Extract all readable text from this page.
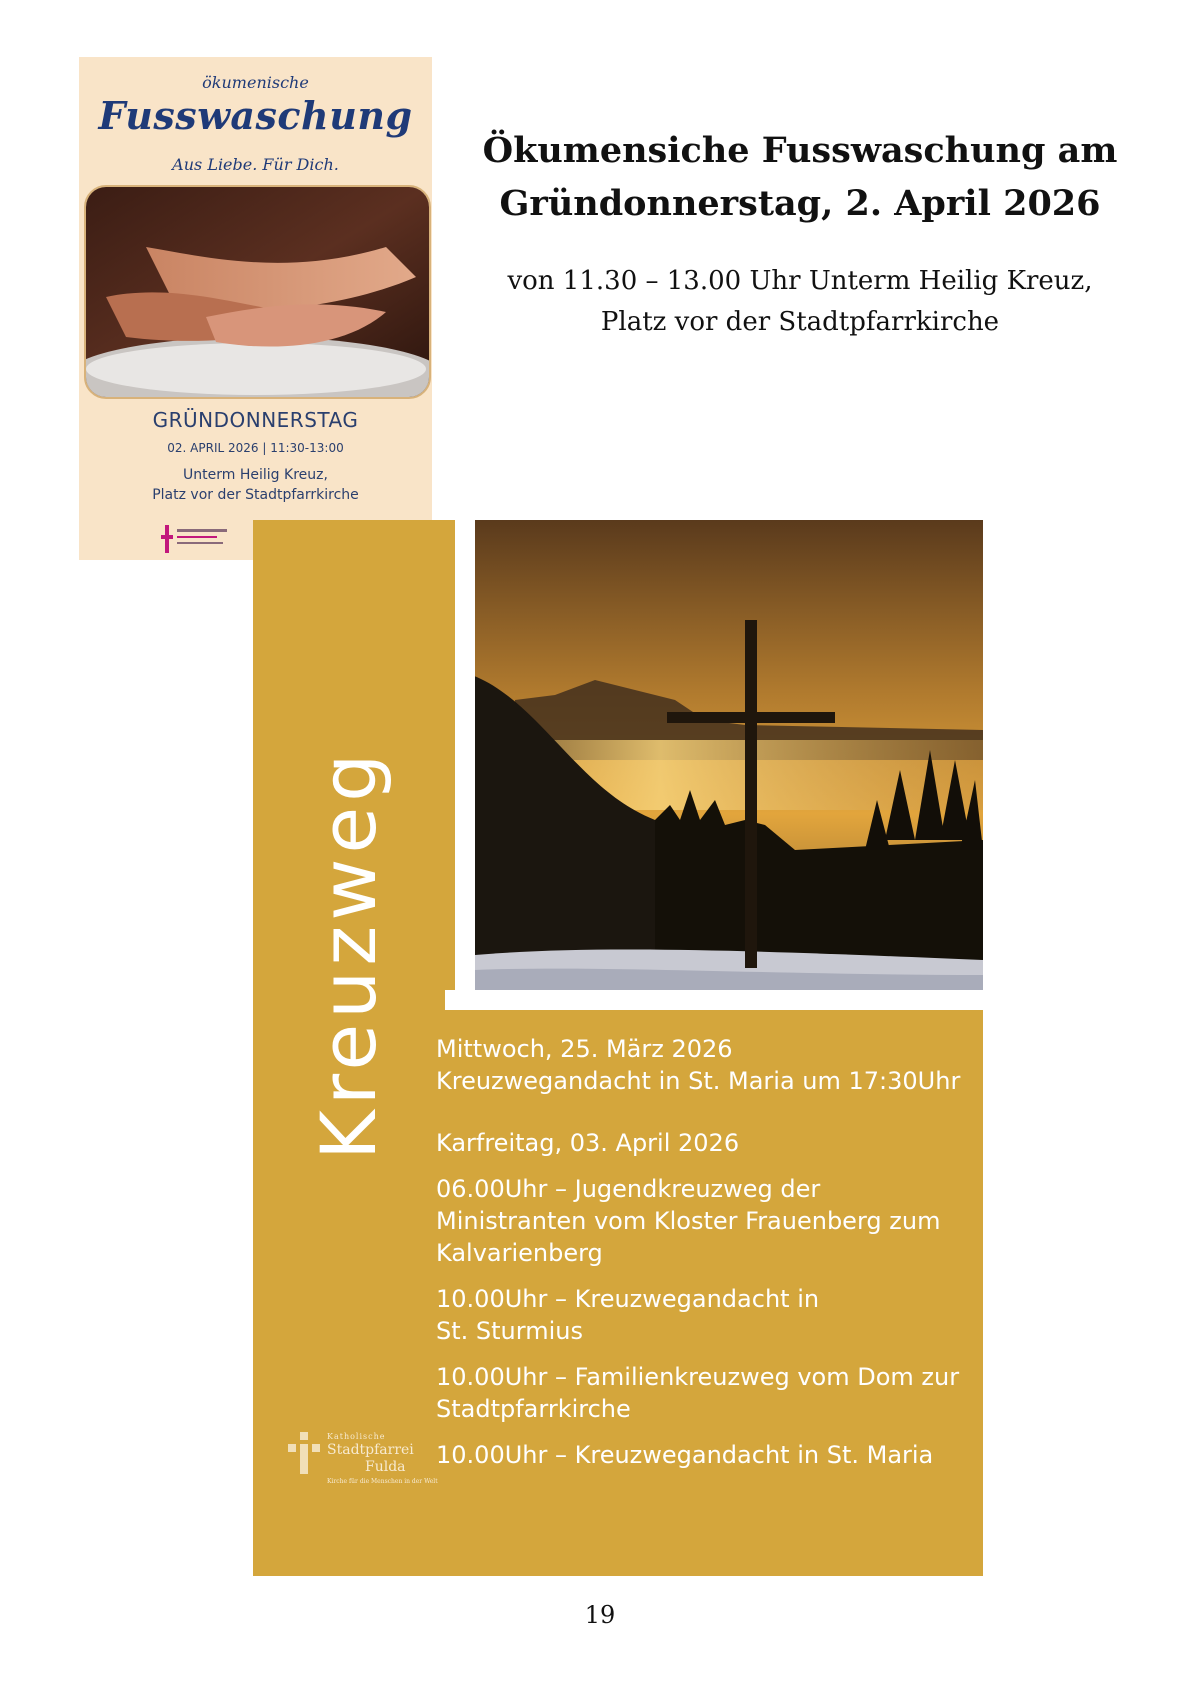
ökumenische
Fusswaschung
Aus Liebe. Für Dich.
GRÜNDONNERSTAG
02. APRIL 2026 | 11:30-13:00
Unterm Heilig Kreuz,
Platz vor der Stadtpfarrkirche
Ökumensiche Fusswaschung am
Gründonnerstag, 2. April 2026
von 11.30 – 13.00 Uhr Unterm Heilig Kreuz,
Platz vor der Stadtpfarrkirche
Kreuzweg Mittwoch, 25. März 2026
Kreuzwegandacht in St. Maria um 17:30Uhr
Karfreitag, 03. April 2026
06.00Uhr – Jugendkreuzweg der
Ministranten vom Kloster Frauenberg zum
Kalvarienberg
10.00Uhr – Kreuzwegandacht in
St. Sturmius
10.00Uhr – Familienkreuzweg vom Dom zur
Stadtpfarrkirche
10.00Uhr – Kreuzwegandacht in St. Maria
Katholische
Stadtpfarrei
Fulda
Kirche für die Menschen in der Welt
19
